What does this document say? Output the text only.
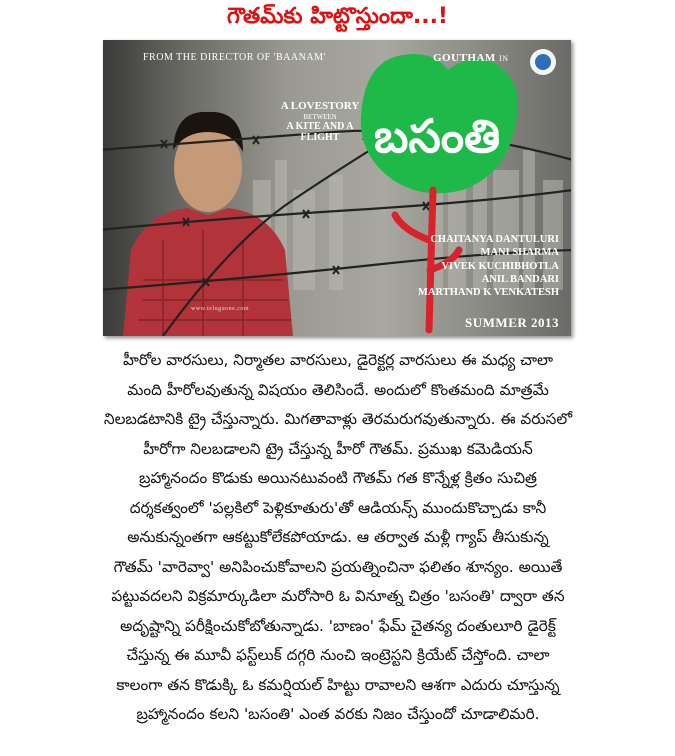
గౌతమ్‌కు హిట్టొస్తుందా...!
బసంతి
FROM THE DIRECTOR OF 'BAANAM'	GOUTHAM IN
A LOVESTORY
BETWEEN
A KITE AND A FLIGHT
CHAITANYA DANTULURI
MANI SHARMA
VIVEK KUCHIBHOTLA
ANIL BANDARI
MARTHAND K VENKATESH
SUMMER 2013
www.teluguone.com
హీరోల వారసులు, నిర్మాతల వారసులు, డైరెక్టర్ల వారసులు ఈ మధ్య చాలా
మంది హీరోలవుతున్న విషయం తెలిసిందే. అందులో కొంతమంది మాత్రమే
నిలబడటానికి ట్రై చేస్తున్నారు. మిగతావాళ్లు తెరమరుగవుతున్నారు. ఈ వరుసలో
హీరోగా నిలబడాలని ట్రై చేస్తున్న హీరో గౌతమ్. ప్రముఖ కమెడియన్
బ్రహ్మానందం కొడుకు అయినటువంటి గౌతమ్ గత కొన్నేళ్ల క్రితం సుచిత్ర
దర్శకత్వంలో 'పల్లకిలో పెళ్లికూతురు'తో ఆడియన్స్ ముందుకొచ్చాడు కానీ
అనుకున్నంతగా ఆకట్టుకోలేకపోయాడు. ఆ తర్వాత మళ్లీ గ్యాప్ తీసుకున్న
గౌతమ్ 'వారెవ్వా' అనిపించుకోవాలని ప్రయత్నించినా ఫలితం శూన్యం. అయితే
పట్టువదలని విక్రమార్కుడిలా మరోసారి ఓ వినూత్న చిత్రం 'బసంతి' ద్వారా తన
అదృష్టాన్ని పరీక్షించుకోబోతున్నాడు. 'బాణం' ఫేమ్ చైతన్య దంతులూరి డైరెక్ట్
చేస్తున్న ఈ మూవీ ఫస్ట్‌లుక్ దగ్గరి నుంచి ఇంట్రెస్టని క్రియేట్ చేస్తోంది. చాలా
కాలంగా తన కొడుక్కి ఓ కమర్షియల్ హిట్టు రావాలని ఆశగా ఎదురు చూస్తున్న
బ్రహ్మానందం కలని 'బసంతి' ఎంత వరకు నిజం చేస్తుందో చూడాలిమరి.
